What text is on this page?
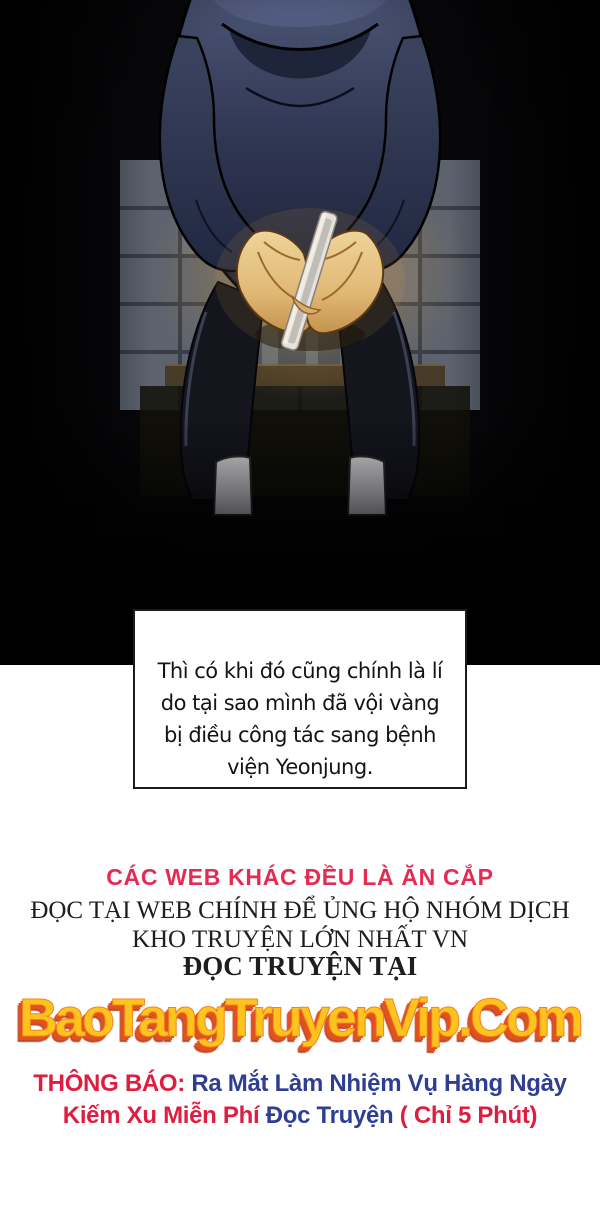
Thì có khi đó cũng chính là lí
do tại sao mình đã vội vàng
bị điều công tác sang bệnh
viện Yeonjung.
CÁC WEB KHÁC ĐỀU LÀ ĂN CẮP
ĐỌC TẠI WEB CHÍNH ĐỂ ỦNG HỘ NHÓM DỊCH
KHO TRUYỆN LỚN NHẤT VN
ĐỌC TRUYỆN TẠI
BaoTangTruyenVip.Com
THÔNG BÁO: Ra Mắt Làm Nhiệm Vụ Hàng Ngày
Kiếm Xu Miễn Phí Đọc Truyện ( Chỉ 5 Phút)
